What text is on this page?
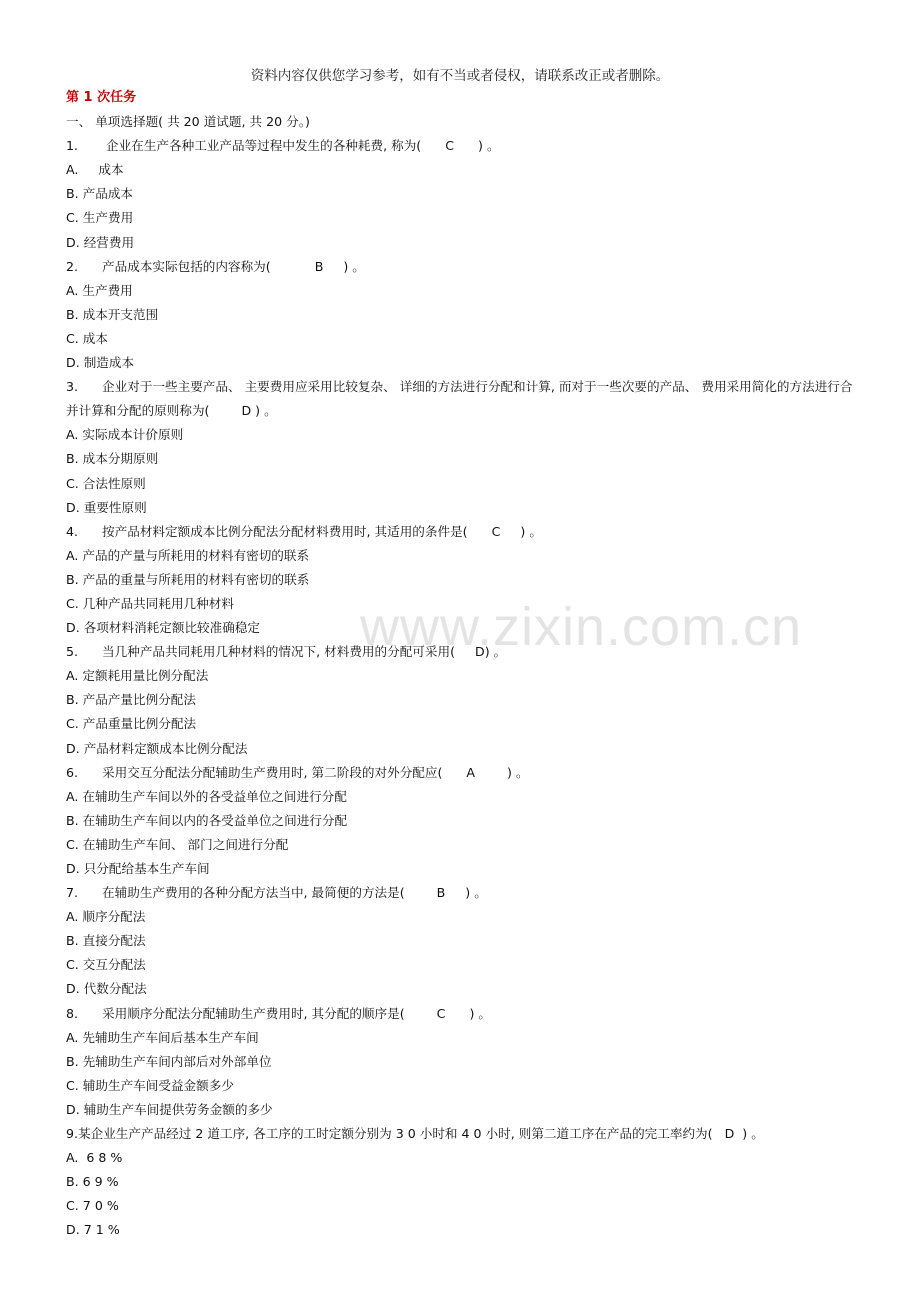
资料内容仅供您学习参考，如有不当或者侵权，请联系改正或者删除。
www.zixin.com.cn
第 1 次任务
一、 单项选择题( 共 20 道试题, 共 20 分。)
1.       企业在生产各种工业产品等过程中发生的各种耗费, 称为(      C      ) 。
A.     成本
B. 产品成本
C. 生产费用
D. 经营费用
2.      产品成本实际包括的内容称为(           B     ) 。
A. 生产费用
B. 成本开支范围
C. 成本
D. 制造成本
3.      企业对于一些主要产品、 主要费用应采用比较复杂、 详细的方法进行分配和计算, 而对于一些次要的产品、 费用采用简化的方法进行合并计算和分配的原则称为(        D ) 。
A. 实际成本计价原则
B. 成本分期原则
C. 合法性原则
D. 重要性原则
4.      按产品材料定额成本比例分配法分配材料费用时, 其适用的条件是(      C     ) 。
A. 产品的产量与所耗用的材料有密切的联系
B. 产品的重量与所耗用的材料有密切的联系
C. 几种产品共同耗用几种材料
D. 各项材料消耗定额比较准确稳定
5.      当几种产品共同耗用几种材料的情况下, 材料费用的分配可采用(     D) 。
A. 定额耗用量比例分配法
B. 产品产量比例分配法
C. 产品重量比例分配法
D. 产品材料定额成本比例分配法
6.      采用交互分配法分配辅助生产费用时, 第二阶段的对外分配应(      A        ) 。
A. 在辅助生产车间以外的各受益单位之间进行分配
B. 在辅助生产车间以内的各受益单位之间进行分配
C. 在辅助生产车间、 部门之间进行分配
D. 只分配给基本生产车间
7.      在辅助生产费用的各种分配方法当中, 最简便的方法是(        B     ) 。
A. 顺序分配法
B. 直接分配法
C. 交互分配法
D. 代数分配法
8.      采用顺序分配法分配辅助生产费用时, 其分配的顺序是(        C      ) 。
A. 先辅助生产车间后基本生产车间
B. 先辅助生产车间内部后对外部单位
C. 辅助生产车间受益金额多少
D. 辅助生产车间提供劳务金额的多少
9.某企业生产产品经过 2 道工序, 各工序的工时定额分别为 3 0 小时和 4 0 小时, 则第二道工序在产品的完工率约为(   D  ) 。
A.  6 8 %
B. 6 9 %
C. 7 0 %
D. 7 1 %
